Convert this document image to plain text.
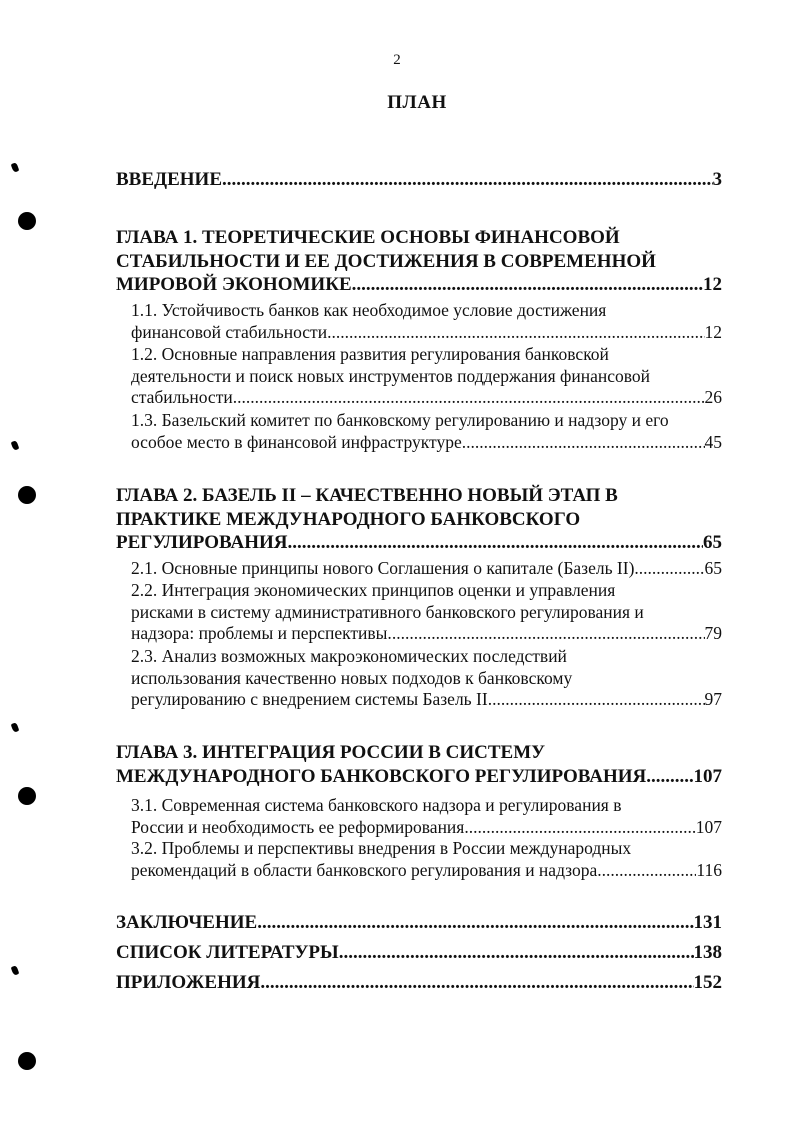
2
ПЛАН
ВВЕДЕНИЕ .....	3
ГЛАВА 1. ТЕОРЕТИЧЕСКИЕ ОСНОВЫ ФИНАНСОВОЙ
СТАБИЛЬНОСТИ И ЕЕ ДОСТИЖЕНИЯ В СОВРЕМЕННОЙ
МИРОВОЙ ЭКОНОМИКЕ. .....	12
1.1. Устойчивость банков как необходимое условие достижения
финансовой стабильности. .....	12
1.2. Основные направления развития регулирования банковской
деятельности и поиск новых инструментов поддержания финансовой
стабильности. .....	26
1.3. Базельский комитет по банковскому регулированию и надзору и его
особое место в финансовой инфраструктуре. .....	45
ГЛАВА 2. БАЗЕЛЬ II – КАЧЕСТВЕННО НОВЫЙ ЭТАП В
ПРАКТИКЕ МЕЖДУНАРОДНОГО БАНКОВСКОГО
РЕГУЛИРОВАНИЯ .....	65
2.1. Основные принципы нового Соглашения о капитале (Базель II). .....	65
2.2. Интеграция экономических принципов оценки и управления
рисками в систему административного банковского регулирования и
надзора: проблемы и перспективы. .....	79
2.3. Анализ возможных макроэкономических последствий
использования качественно новых подходов к банковскому
регулированию с внедрением системы Базель II .....	97
ГЛАВА 3. ИНТЕГРАЦИЯ РОССИИ В СИСТЕМУ
МЕЖДУНАРОДНОГО БАНКОВСКОГО РЕГУЛИРОВАНИЯ ..... 107
3.1. Современная система банковского надзора и регулирования в
России и необходимость ее реформирования .....	107
3.2. Проблемы и перспективы внедрения в России международных
рекомендаций в области банковского регулирования и надзора .....	116
ЗАКЛЮЧЕНИЕ .....	131
СПИСОК ЛИТЕРАТУРЫ .....	138
ПРИЛОЖЕНИЯ .....	152
